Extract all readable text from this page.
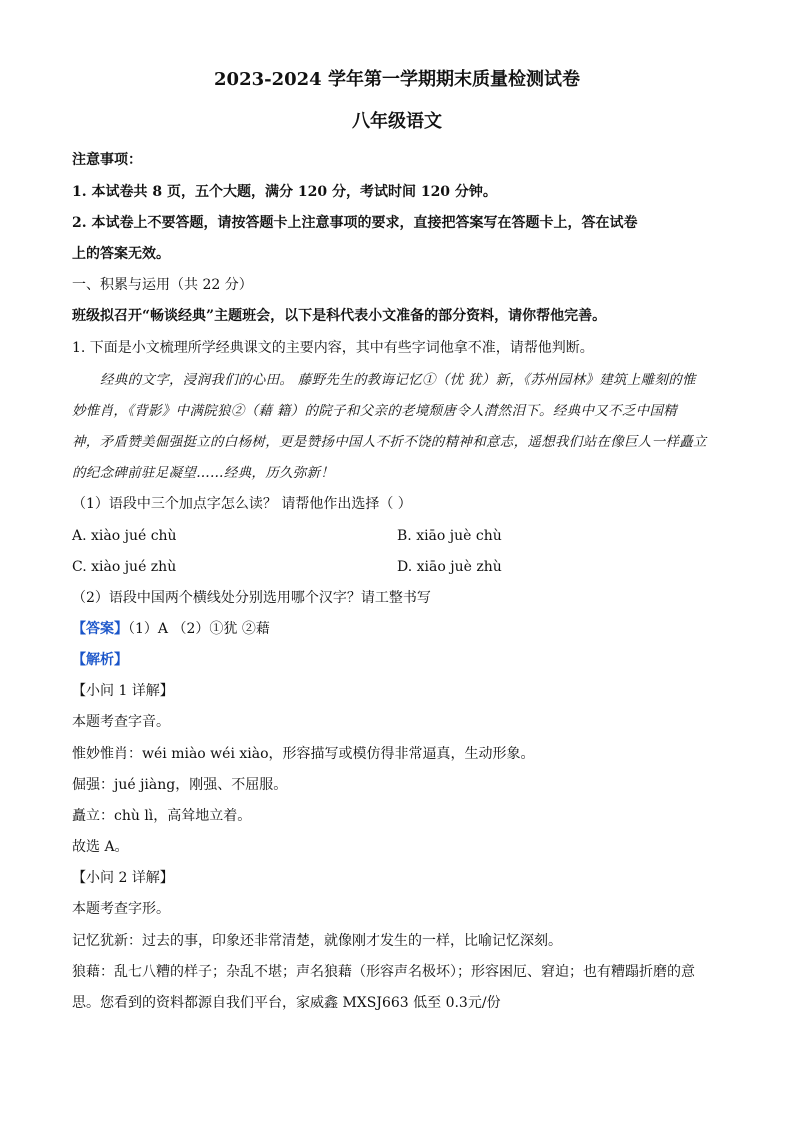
2023-2024 学年第一学期期末质量检测试卷
八年级语文
注意事项：
1. 本试卷共 8 页，五个大题，满分 120 分，考试时间 120 分钟。
2. 本试卷上不要答题，请按答题卡上注意事项的要求，直接把答案写在答题卡上，答在试卷
上的答案无效。
一、积累与运用（共 22 分）
班级拟召开“畅谈经典”主题班会，以下是科代表小文准备的部分资料，请你帮他完善。
1. 下面是小文梳理所学经典课文的主要内容，其中有些字词他拿不准，请帮他判断。
经典的文字，浸润我们的心田。 藤野先生的教诲记忆①（忧 犹）新，《苏州园林》建筑上雕刻的惟
妙惟肖，《背影》中满院狼②（藉 籍）的院子和父亲的老境颓唐令人潸然泪下。经典中又不乏中国精
神，矛盾赞美倔强挺立的白杨树，更是赞扬中国人不折不饶的精神和意志，遥想我们站在像巨人一样矗立
的纪念碑前驻足凝望……经典，历久弥新！
（1）语段中三个加点字怎么读？ 请帮他作出选择（ ）
A. xiào jué chù	B. xiāo juè chù
C. xiào jué zhù	D. xiāo juè zhù
（2）语段中国两个横线处分别选用哪个汉字？请工整书写
【答案】（1）A （2）①犹 ②藉
【解析】
【小问 1 详解】
本题考查字音。
惟妙惟肖：wéi miào wéi xiào，形容描写或模仿得非常逼真，生动形象。
倔强：jué jiàng，刚强、不屈服。
矗立：chù lì，高耸地立着。
故选 A。
【小问 2 详解】
本题考查字形。
记忆犹新：过去的事，印象还非常清楚，就像刚才发生的一样，比喻记忆深刻。
狼藉：乱七八糟的样子；杂乱不堪；声名狼藉（形容声名极坏）；形容困厄、窘迫；也有糟蹋折磨的意
思。您看到的资料都源自我们平台，家威鑫 MXSJ663 低至 0.3元/份
